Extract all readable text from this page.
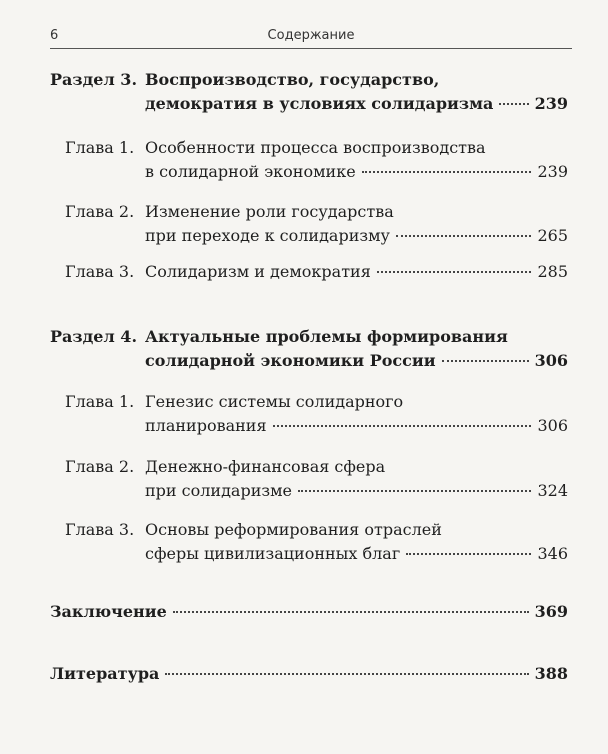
6	Содержание
Раздел 3. Воспроизводство, государство,
демократия в условиях солидаризма	239
Глава 1. Особенности процесса воспроизводства
в солидарной экономике	239
Глава 2. Изменение роли государства
при переходе к солидаризму	265
Глава 3. Солидаризм и демократия	285
Раздел 4. Актуальные проблемы формирования
солидарной экономики России	306
Глава 1. Генезис системы солидарного
планирования	306
Глава 2. Денежно-финансовая сфера
при солидаризме	324
Глава 3. Основы реформирования отраслей
сферы цивилизационных благ	346
Заключение	369
Литература	388
